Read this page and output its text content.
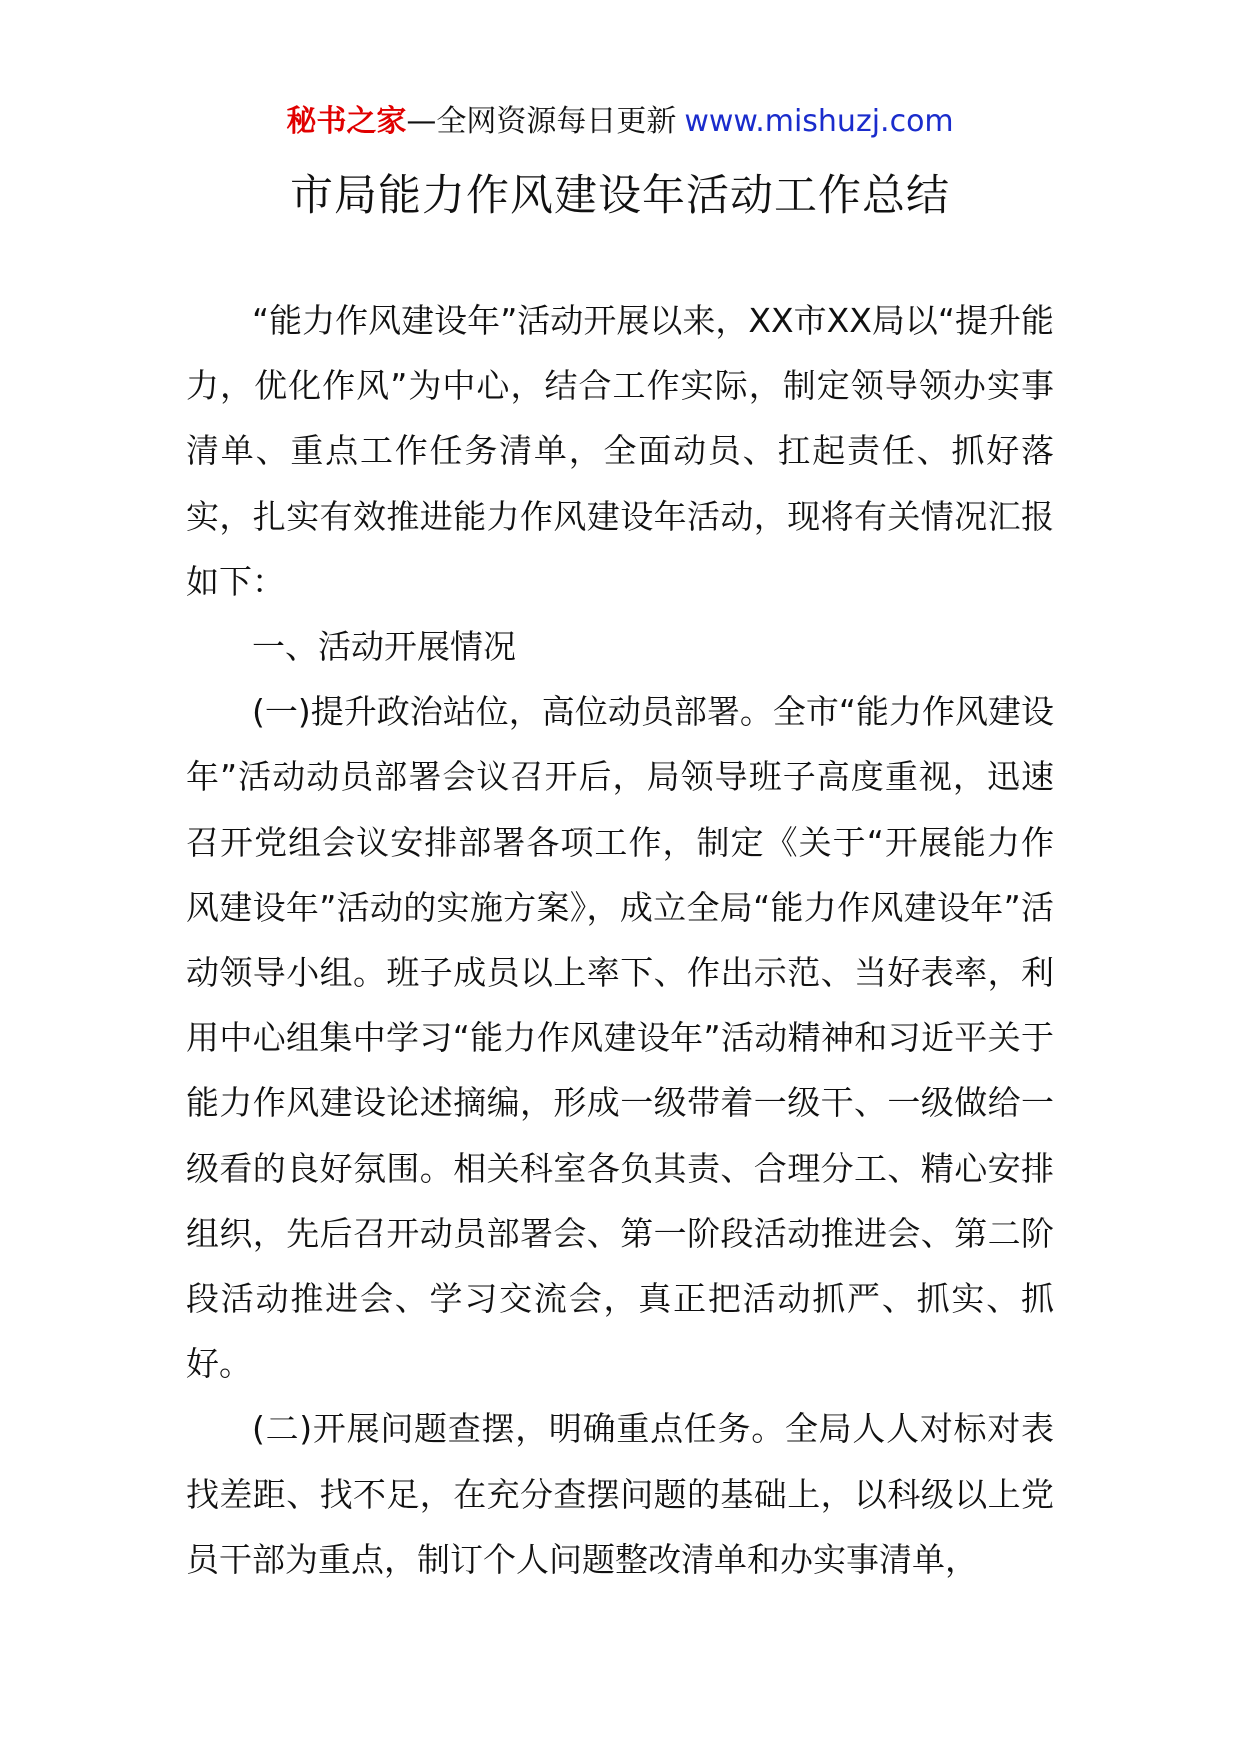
秘书之家—全网资源每日更新 www.mishuzj.com
市局能力作风建设年活动工作总结

“能力作风建设年”活动开展以来，XX市XX局以“提升能力，优化作风”为中心，结合工作实际，制定领导领办实事清单、重点工作任务清单，全面动员、扛起责任、抓好落实，扎实有效推进能力作风建设年活动，现将有关情况汇报如下：

一、活动开展情况

(一)提升政治站位，高位动员部署。全市“能力作风建设年”活动动员部署会议召开后，局领导班子高度重视，迅速召开党组会议安排部署各项工作，制定《关于“开展能力作风建设年”活动的实施方案》，成立全局“能力作风建设年”活动领导小组。班子成员以上率下、作出示范、当好表率，利用中心组集中学习“能力作风建设年”活动精神和习近平关于能力作风建设论述摘编，形成一级带着一级干、一级做给一级看的良好氛围。相关科室各负其责、合理分工、精心安排组织，先后召开动员部署会、第一阶段活动推进会、第二阶段活动推进会、学习交流会，真正把活动抓严、抓实、抓好。

(二)开展问题查摆，明确重点任务。全局人人对标对表找差距、找不足，在充分查摆问题的基础上，以科级以上党员干部为重点，制订个人问题整改清单和办实事清单，
